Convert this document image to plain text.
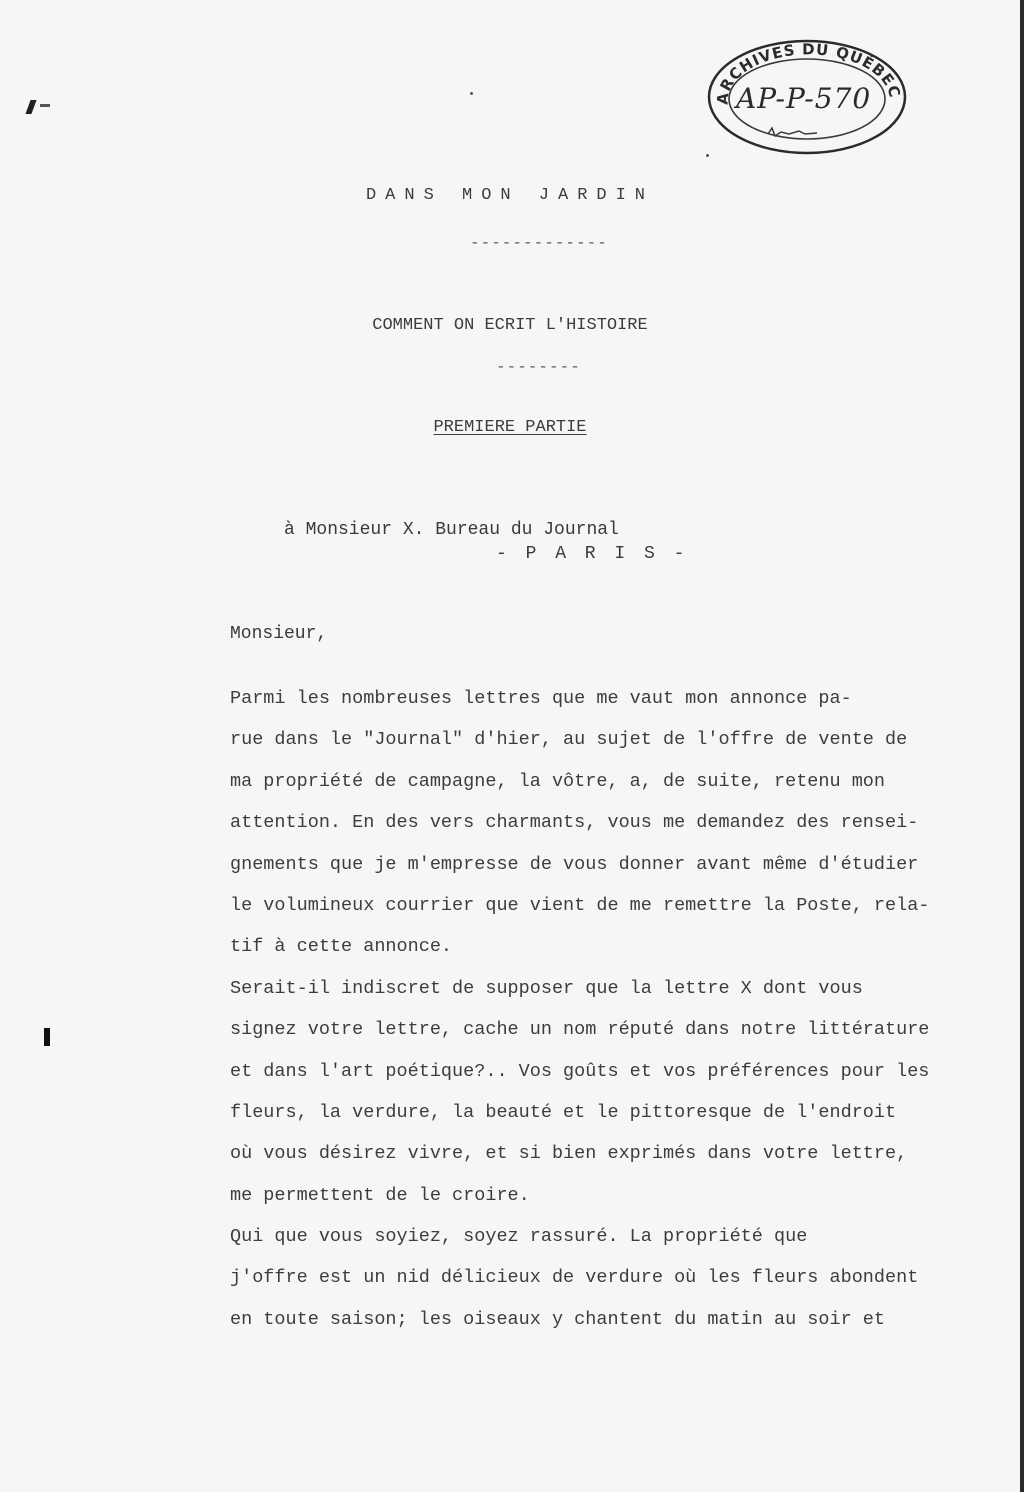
ARCHIVES DU QUÉBEC
AP-P-570
DANS MON JARDIN
-------------
COMMENT ON ECRIT L'HISTOIRE
--------
PREMIERE PARTIE
à Monsieur X. Bureau du Journal
- P A R I S -
Monsieur,
Parmi les nombreuses lettres que me vaut mon annonce pa-
rue dans le "Journal" d'hier, au sujet de l'offre de vente de
ma propriété de campagne, la vôtre, a, de suite, retenu mon
attention. En des vers charmants, vous me demandez des rensei-
gnements que je m'empresse de vous donner avant même d'étudier
le volumineux courrier que vient de me remettre la Poste, rela-
tif à cette annonce.
Serait-il indiscret de supposer que la lettre X dont vous
signez votre lettre, cache un nom réputé dans notre littérature
et dans l'art poétique?.. Vos goûts et vos préférences pour les
fleurs, la verdure, la beauté et le pittoresque de l'endroit
où vous désirez vivre, et si bien exprimés dans votre lettre,
me permettent de le croire.
Qui que vous soyiez, soyez rassuré. La propriété que
j'offre est un nid délicieux de verdure où les fleurs abondent
en toute saison; les oiseaux y chantent du matin au soir et
